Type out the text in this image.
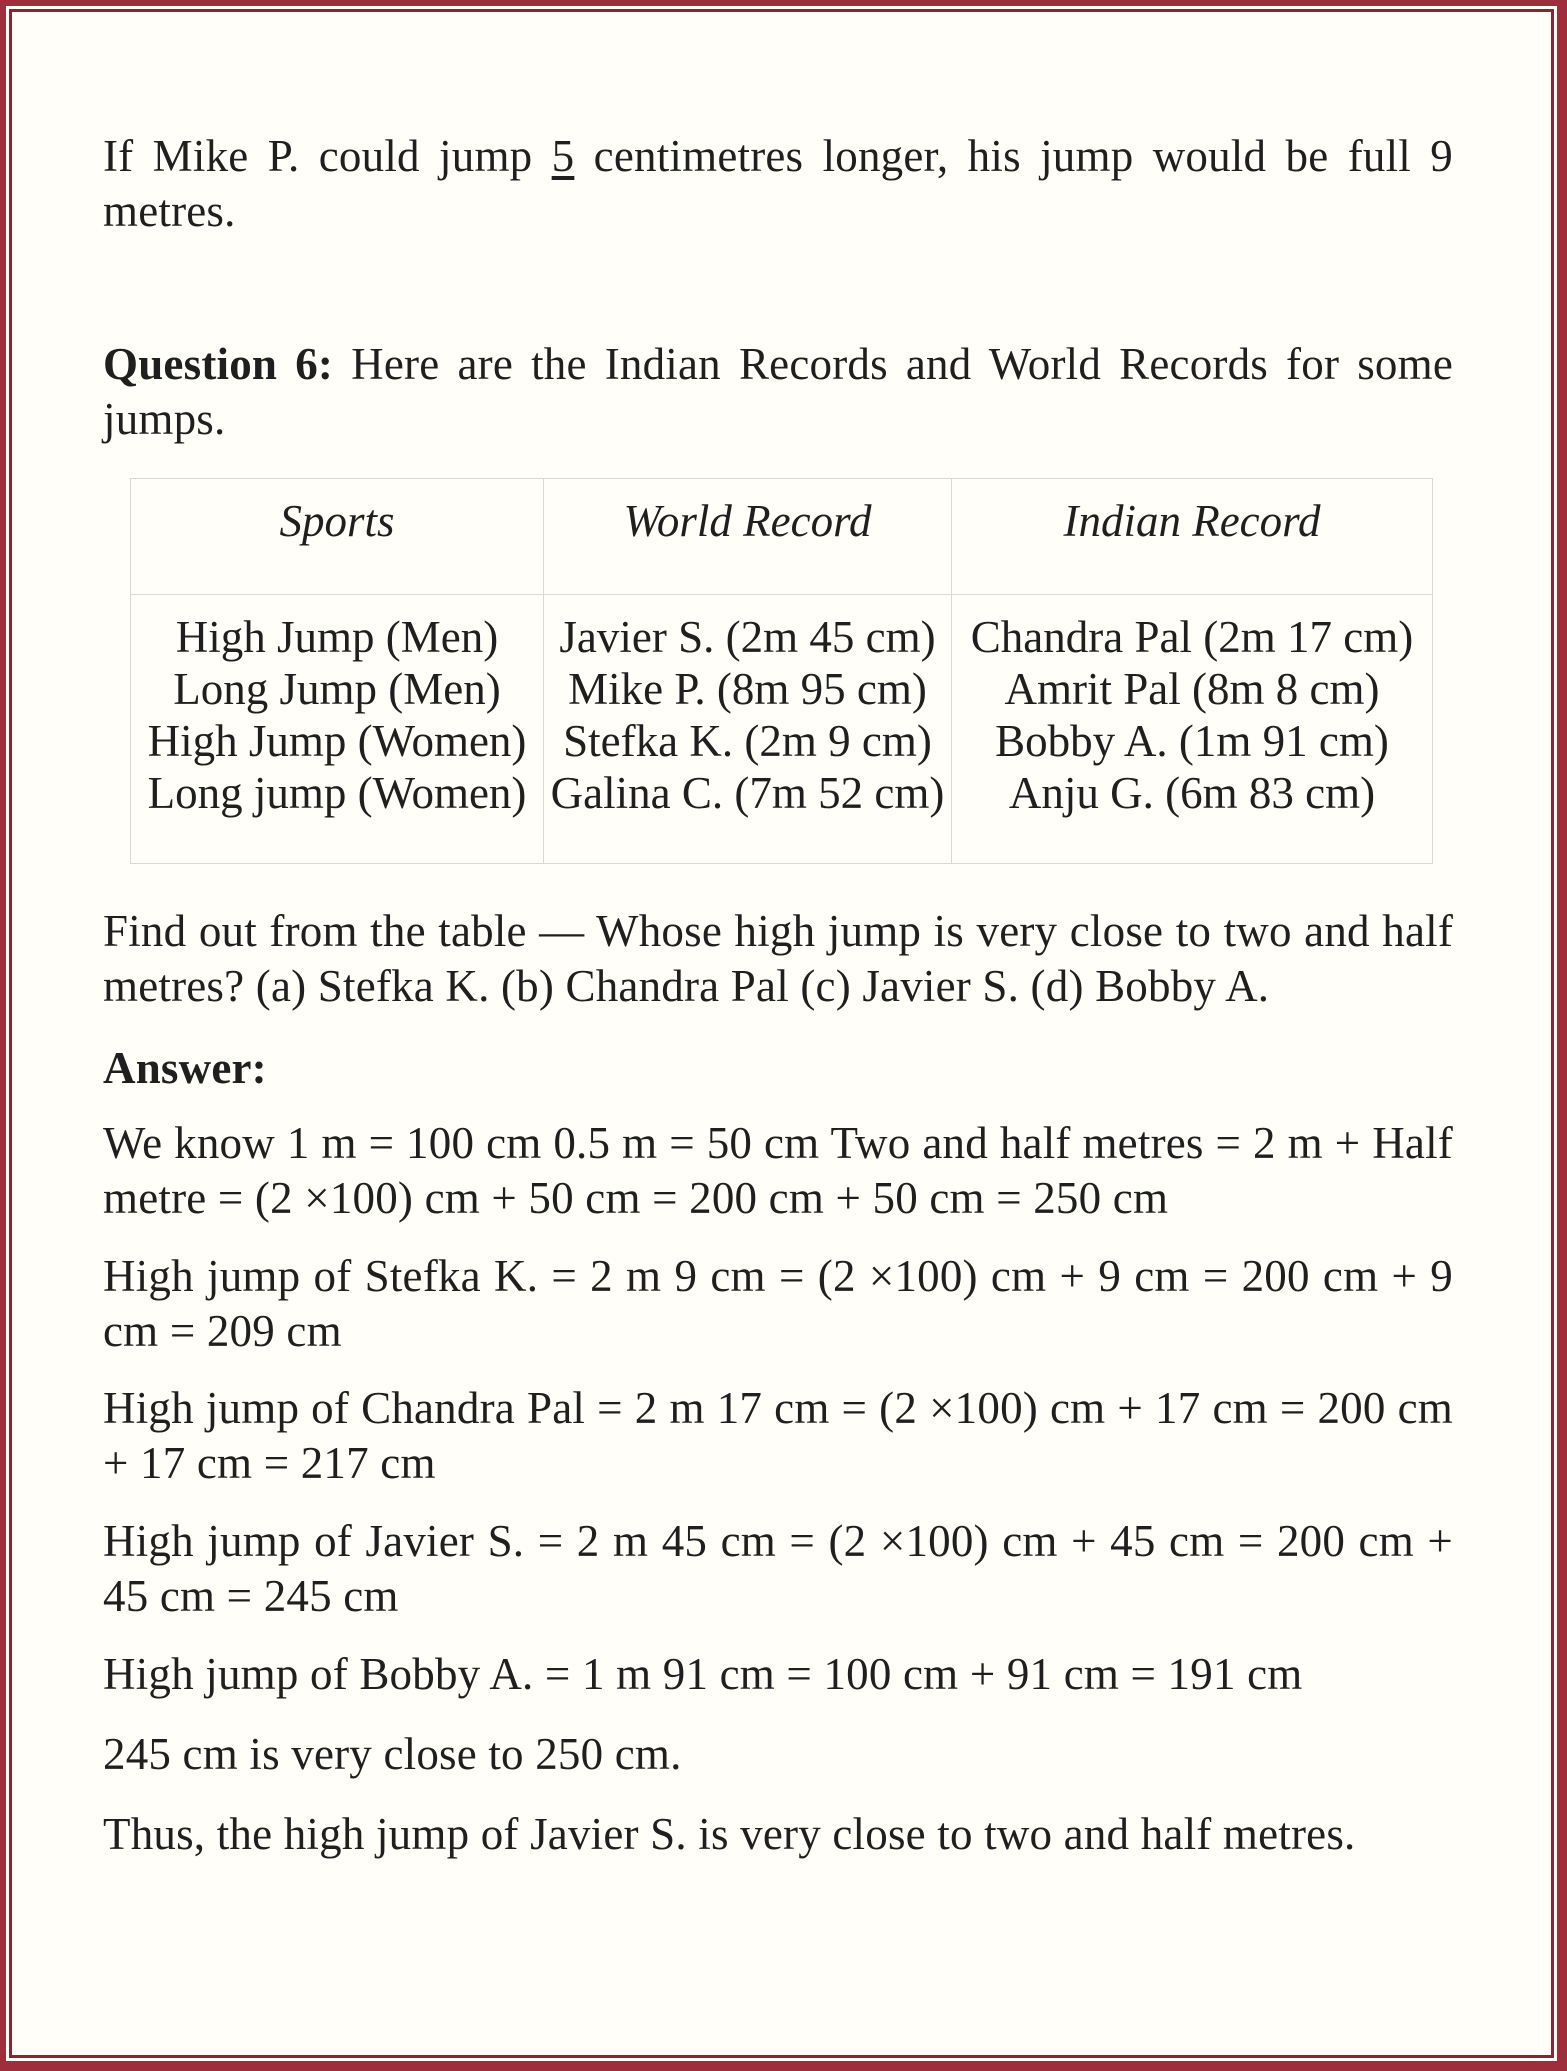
If Mike P. could jump 5 centimetres longer, his jump would be full 9 metres.

Question 6: Here are the Indian Records and World Records for some jumps.

Sports	World Record	Indian Record
High Jump (Men)	Javier S. (2m 45 cm)	Chandra Pal (2m 17 cm)
Long Jump (Men)	Mike P. (8m 95 cm)	Amrit Pal (8m 8 cm)
High Jump (Women)	Stefka K. (2m 9 cm)	Bobby A. (1m 91 cm)
Long jump (Women)	Galina C. (7m 52 cm)	Anju G. (6m 83 cm)

Find out from the table — Whose high jump is very close to two and half metres? (a) Stefka K. (b) Chandra Pal (c) Javier S. (d) Bobby A.

Answer:

We know 1 m = 100 cm 0.5 m = 50 cm Two and half metres = 2 m + Half metre = (2 ×100) cm + 50 cm = 200 cm + 50 cm = 250 cm

High jump of Stefka K. = 2 m 9 cm = (2 ×100) cm + 9 cm = 200 cm + 9 cm = 209 cm

High jump of Chandra Pal = 2 m 17 cm = (2 ×100) cm + 17 cm = 200 cm + 17 cm = 217 cm

High jump of Javier S. = 2 m 45 cm = (2 ×100) cm + 45 cm = 200 cm + 45 cm = 245 cm

High jump of Bobby A. = 1 m 91 cm = 100 cm + 91 cm = 191 cm

245 cm is very close to 250 cm.

Thus, the high jump of Javier S. is very close to two and half metres.
